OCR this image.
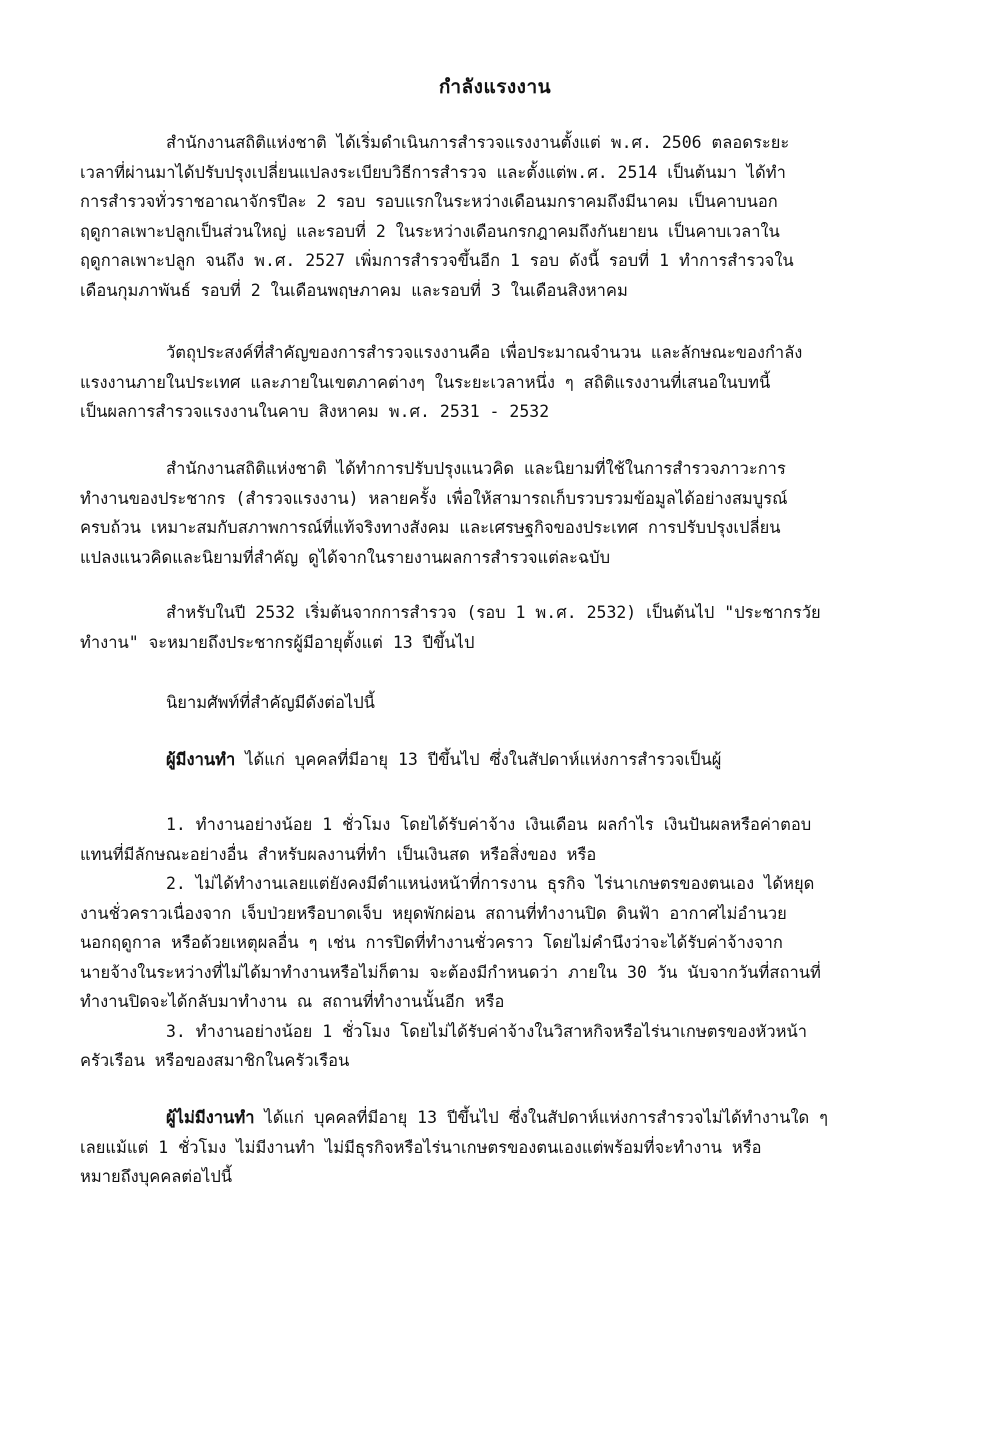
กำลังแรงงาน
สำนักงานสถิติแห่งชาติ ได้เริ่มดำเนินการสำรวจแรงงานตั้งแต่ พ.ศ. 2506 ตลอดระยะ
เวลาที่ผ่านมาได้ปรับปรุงเปลี่ยนแปลงระเบียบวิธีการสำรวจ และตั้งแต่พ.ศ. 2514 เป็นต้นมา ได้ทำ
การสำรวจทั่วราชอาณาจักรปีละ 2 รอบ รอบแรกในระหว่างเดือนมกราคมถึงมีนาคม เป็นคาบนอก
ฤดูกาลเพาะปลูกเป็นส่วนใหญ่ และรอบที่ 2 ในระหว่างเดือนกรกฎาคมถึงกันยายน เป็นคาบเวลาใน
ฤดูกาลเพาะปลูก จนถึง พ.ศ. 2527 เพิ่มการสำรวจขึ้นอีก 1 รอบ ดังนี้ รอบที่ 1 ทำการสำรวจใน
เดือนกุมภาพันธ์ รอบที่ 2 ในเดือนพฤษภาคม และรอบที่ 3 ในเดือนสิงหาคม
วัตถุประสงค์ที่สำคัญของการสำรวจแรงงานคือ เพื่อประมาณจำนวน และลักษณะของกำลัง
แรงงานภายในประเทศ และภายในเขตภาคต่างๆ ในระยะเวลาหนึ่ง ๆ สถิติแรงงานที่เสนอในบทนี้
เป็นผลการสำรวจแรงงานในคาบ สิงหาคม พ.ศ. 2531 - 2532
สำนักงานสถิติแห่งชาติ ได้ทำการปรับปรุงแนวคิด และนิยามที่ใช้ในการสำรวจภาวะการ
ทำงานของประชากร (สำรวจแรงงาน) หลายครั้ง เพื่อให้สามารถเก็บรวบรวมข้อมูลได้อย่างสมบูรณ์
ครบถ้วน เหมาะสมกับสภาพการณ์ที่แท้จริงทางสังคม และเศรษฐกิจของประเทศ การปรับปรุงเปลี่ยน
แปลงแนวคิดและนิยามที่สำคัญ ดูได้จากในรายงานผลการสำรวจแต่ละฉบับ
สำหรับในปี 2532 เริ่มต้นจากการสำรวจ (รอบ 1 พ.ศ. 2532) เป็นต้นไป "ประชากรวัย
ทำงาน" จะหมายถึงประชากรผู้มีอายุตั้งแต่ 13 ปีขึ้นไป
นิยามศัพท์ที่สำคัญมีดังต่อไปนี้
ผู้มีงานทำ ได้แก่ บุคคลที่มีอายุ 13 ปีขึ้นไป ซึ่งในสัปดาห์แห่งการสำรวจเป็นผู้
1. ทำงานอย่างน้อย 1 ชั่วโมง โดยได้รับค่าจ้าง เงินเดือน ผลกำไร เงินปันผลหรือค่าตอบ
แทนที่มีลักษณะอย่างอื่น สำหรับผลงานที่ทำ เป็นเงินสด หรือสิ่งของ หรือ
2. ไม่ได้ทำงานเลยแต่ยังคงมีตำแหน่งหน้าที่การงาน ธุรกิจ ไร่นาเกษตรของตนเอง ได้หยุด
งานชั่วคราวเนื่องจาก เจ็บป่วยหรือบาดเจ็บ หยุดพักผ่อน สถานที่ทำงานปิด ดินฟ้า อากาศไม่อำนวย
นอกฤดูกาล หรือด้วยเหตุผลอื่น ๆ เช่น การปิดที่ทำงานชั่วคราว โดยไม่คำนึงว่าจะได้รับค่าจ้างจาก
นายจ้างในระหว่างที่ไม่ได้มาทำงานหรือไม่ก็ตาม จะต้องมีกำหนดว่า ภายใน 30 วัน นับจากวันที่สถานที่
ทำงานปิดจะได้กลับมาทำงาน ณ สถานที่ทำงานนั้นอีก หรือ
3. ทำงานอย่างน้อย 1 ชั่วโมง โดยไม่ได้รับค่าจ้างในวิสาหกิจหรือไร่นาเกษตรของหัวหน้า
ครัวเรือน หรือของสมาชิกในครัวเรือน
ผู้ไม่มีงานทำ ได้แก่ บุคคลที่มีอายุ 13 ปีขึ้นไป ซึ่งในสัปดาห์แห่งการสำรวจไม่ได้ทำงานใด ๆ
เลยแม้แต่ 1 ชั่วโมง ไม่มีงานทำ ไม่มีธุรกิจหรือไร่นาเกษตรของตนเองแต่พร้อมที่จะทำงาน หรือ
หมายถึงบุคคลต่อไปนี้
